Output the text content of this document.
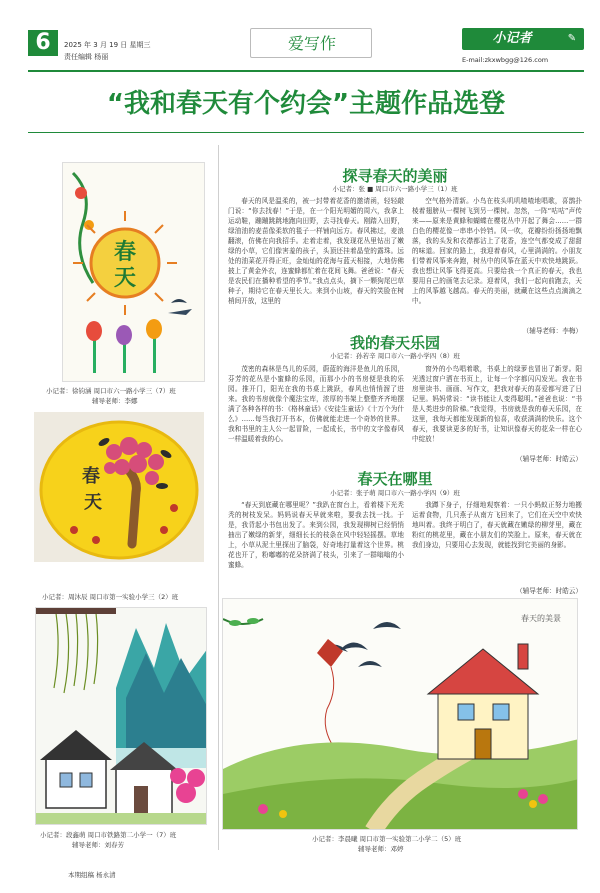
6	2025 年 3 月 19 日 星期三
责任编辑 杨丽
爱写作	小记者	✎
E-mail:zkxwbgg@126.com
“我和春天有个约会”主题作品选登
春
天
小记者：徐钧涵 周口市六一路小学三（7）班
辅导老师：李娜
春
天
小记者：周沐辰 周口市第一实验小学三（2）班
小记者：段鑫萌 周口市铁路第二小学一（7）班
辅导老师：刘春芳
探寻春天的美丽
小记者：张 ■ 周口市六一路小学三（1）班

春天的风是温柔的，被一封带着花香的邀请函，轻轻敲门说：“你去找春！”于是，在一个阳光明媚的周六，我拿上运动鞋，蹦蹦跳跳地跑向田野，去寻找春天。刚踏入田野，绿油油的麦苗像柔软的毯子一样铺向远方。春风拂过，麦浪翻滚，仿佛在向我招手。走着走着，我发现花丛里钻出了嫩绿的小草，它们像害羞的孩子，头顶还挂着晶莹的露珠。远处的油菜花开得正旺，金灿灿的花海与蓝天相接，大地仿佛披上了黄金外衣，连蜜蜂都忙着在花间飞舞。爸爸说：“春天是农民们在播种希望的季节。”我点点头，摘下一颗狗尾巴草种子，期待它在春天里长大。来到小山坡，春天的笑脸在树梢间开放，这里的

空气格外清新。小鸟在枝头叽叽喳喳地唱歌，喜鹊扑棱着翅膀从一棵树飞到另一棵树。忽然，一阵“咕咕”声传来——原来是黄蜂和蝴蝶在樱花丛中开起了舞会……一群白色的樱花像一串串小铃铛。风一吹，花瓣纷纷扬扬地飘落，我的头发和衣襟都沾上了花香，连空气都变成了甜甜的味道。回家的路上，我迎着春风，心里满满的。小朋友们带着风筝来奔跑，树丛中的风筝在蓝天中欢快地跳跃。我也想让风筝飞得更高。只要给我一个真正的春天，我也要用自己的画笔去记录。迎着风，我们一起向前跑去，天上的风筝越飞越高。春天的美丽，就藏在这些点点滴滴之中。

（辅导老师：李梅）
我的春天乐园
小记者：孙若辛 周口市六一路小学四（8）班

茂密的森林是鸟儿的乐园，蔚蓝的海洋是鱼儿的乐园，芬芳的花丛是小蜜蜂的乐园，而那小小的书房便是我的乐园。推开门，阳光在我的书桌上跳跃，春风也悄悄溜了进来。我的书房就像个魔法宝库，浓厚的书架上整整齐齐地摆满了各种各样的书：《格林童话》《安徒生童话》《十万个为什么》……每当我打开书本，仿佛就能走进一个奇妙的世界。我和书里的主人公一起冒险，一起成长，书中的文字像春风一样温暖着我的心。

窗外的小鸟唱着歌，书桌上的绿萝也冒出了新芽。阳光透过窗户洒在书页上，让每一个字都闪闪发光。我在书房里读书、画画、写作文，把我对春天的喜爱都写进了日记里。妈妈常说：“读书能让人变得聪明。”爸爸也说：“书是人类进步的阶梯。”我觉得，书房就是我的春天乐园，在这里，我每天都能发现新的惊喜，收获满满的快乐。这个春天，我要读更多的好书，让知识像春天的花朵一样在心中绽放！

（辅导老师：时皓云）
春天在哪里
小记者：张子萌 周口市六一路小学四（9）班

“春天到底藏在哪里呢？”我趴在窗台上，看着楼下光秃秃的树枝发呆。妈妈说春天早就来啦，要我去找一找。于是，我背起小书包出发了。来到公园，我发现柳树已经悄悄抽出了嫩绿的新芽，细细长长的枝条在风中轻轻摇摆。草地上，小草从泥土里探出了脑袋，好奇地打量着这个世界。桃花也开了，粉嘟嘟的花朵挤满了枝头，引来了一群嗡嗡的小蜜蜂。

我蹲下身子，仔细地观察着：一只小蚂蚁正努力地搬运着食物，几只燕子从南方飞回来了，它们在天空中欢快地叫着。我终于明白了，春天就藏在嫩绿的柳芽里，藏在粉红的桃花里，藏在小朋友们的笑脸上。原来，春天就在我们身边，只要用心去发现，就能找到它美丽的身影。

（辅导老师：时皓云）
春天的美景
小记者：李晨曦 周口市第一实验第二小学二（5）班
辅导老师：邓婷
本期组稿 杨永清
